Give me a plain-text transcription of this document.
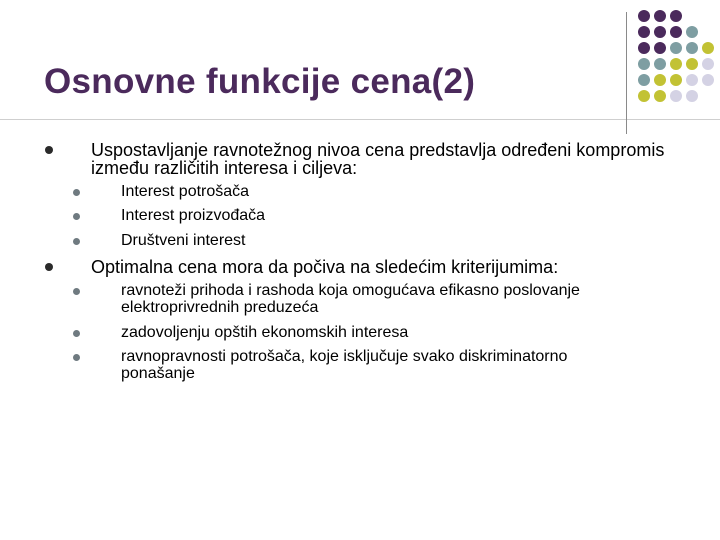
Osnovne funkcije cena(2)
Uspostavljanje ravnotežnog nivoa cena predstavlja određeni kompromis između različitih interesa i ciljeva:
Interest potrošača
Interest proizvođača
Društveni interest
Optimalna cena mora da počiva na sledećim kriterijumima:
ravnoteži prihoda i rashoda koja omogućava efikasno poslovanje elektroprivrednih preduzeća
zadovoljenju opštih ekonomskih interesa
ravnopravnosti potrošača, koje isključuje svako diskriminatorno ponašanje
